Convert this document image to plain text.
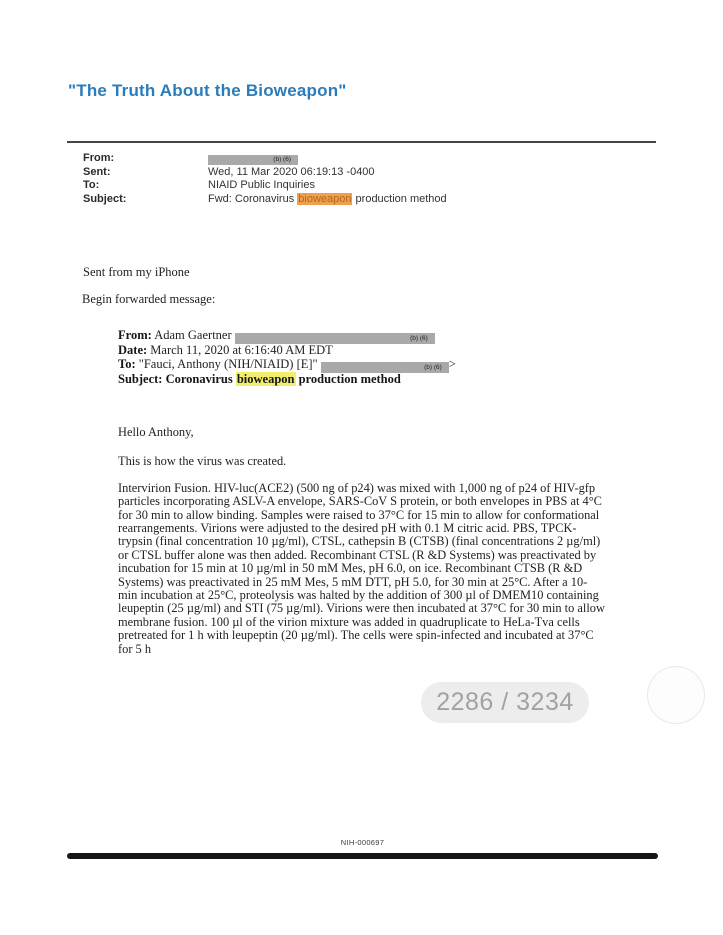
"The Truth About the Bioweapon"
From:	(b) (6)
Sent:	Wed, 11 Mar 2020 06:19:13 -0400
To:	NIAID Public Inquiries
Subject:	Fwd: Coronavirus bioweapon production method
Sent from my iPhone
Begin forwarded message:
From: Adam Gaertner	(b) (6)
Date: March 11, 2020 at 6:16:40 AM EDT
To: "Fauci, Anthony (NIH/NIAID) [E]"	(b) (6) >
Subject: Coronavirus bioweapon production method

Hello Anthony,

This is how the virus was created.

Intervirion Fusion. HIV-luc(ACE2) (500 ng of p24) was mixed with 1,000 ng of p24 of HIV-gfp particles incorporating ASLV-A envelope, SARS-CoV S protein, or both envelopes in PBS at 4°C for 30 min to allow binding. Samples were raised to 37°C for 15 min to allow for conformational rearrangements. Virions were adjusted to the desired pH with 0.1 M citric acid. PBS, TPCK-trypsin (final concentration 10 µg/ml), CTSL, cathepsin B (CTSB) (final concentrations 2 µg/ml) or CTSL buffer alone was then added. Recombinant CTSL (R &D Systems) was preactivated by incubation for 15 min at 10 µg/ml in 50 mM Mes, pH 6.0, on ice. Recombinant CTSB (R &D Systems) was preactivated in 25 mM Mes, 5 mM DTT, pH 5.0, for 30 min at 25°C. After a 10-min incubation at 25°C, proteolysis was halted by the addition of 300 µl of DMEM10 containing leupeptin (25 µg/ml) and STI (75 µg/ml). Virions were then incubated at 37°C for 30 min to allow membrane fusion. 100 µl of the virion mixture was added in quadruplicate to HeLa-Tva cells pretreated for 1 h with leupeptin (20 µg/ml). The cells were spin-infected and incubated at 37°C for 5 h

NIH-000697
2286 / 3234
